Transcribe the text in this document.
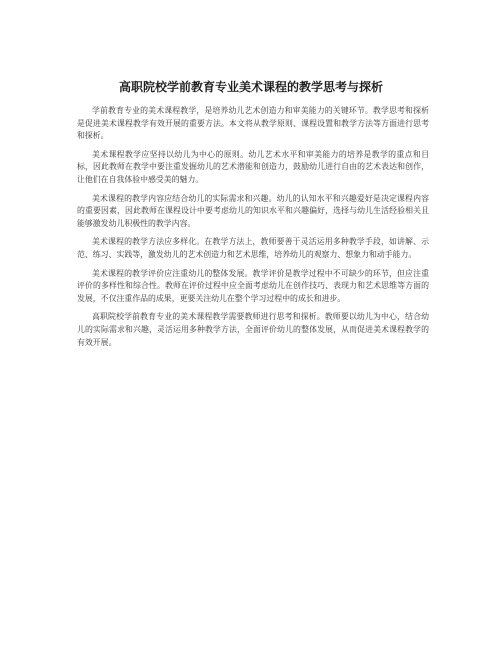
高职院校学前教育专业美术课程的教学思考与探析

学前教育专业的美术课程教学，是培养幼儿艺术创造力和审美能力的关键环节。教学思考和探析是促进美术课程教学有效开展的重要方法。本文将从教学原则、课程设置和教学方法等方面进行思考和探析。

美术课程教学应坚持以幼儿为中心的原则。幼儿艺术水平和审美能力的培养是教学的重点和目标，因此教师在教学中要注重发掘幼儿的艺术潜能和创造力，鼓励幼儿进行自由的艺术表达和创作，让他们在自我体验中感受美的魅力。

美术课程的教学内容应结合幼儿的实际需求和兴趣。幼儿的认知水平和兴趣爱好是决定课程内容的重要因素，因此教师在课程设计中要考虑幼儿的知识水平和兴趣偏好，选择与幼儿生活经验相关且能够激发幼儿积极性的教学内容。

美术课程的教学方法应多样化。在教学方法上，教师要善于灵活运用多种教学手段，如讲解、示范、练习、实践等，激发幼儿的艺术创造力和艺术思维，培养幼儿的观察力、想象力和动手能力。

美术课程的教学评价应注重幼儿的整体发展。教学评价是教学过程中不可缺少的环节，但应注重评价的多样性和综合性。教师在评价过程中应全面考虑幼儿在创作技巧、表现力和艺术思维等方面的发展，不仅注重作品的成果，更要关注幼儿在整个学习过程中的成长和进步。

高职院校学前教育专业的美术课程教学需要教师进行思考和探析。教师要以幼儿为中心，结合幼儿的实际需求和兴趣，灵活运用多种教学方法，全面评价幼儿的整体发展，从而促进美术课程教学的有效开展。
